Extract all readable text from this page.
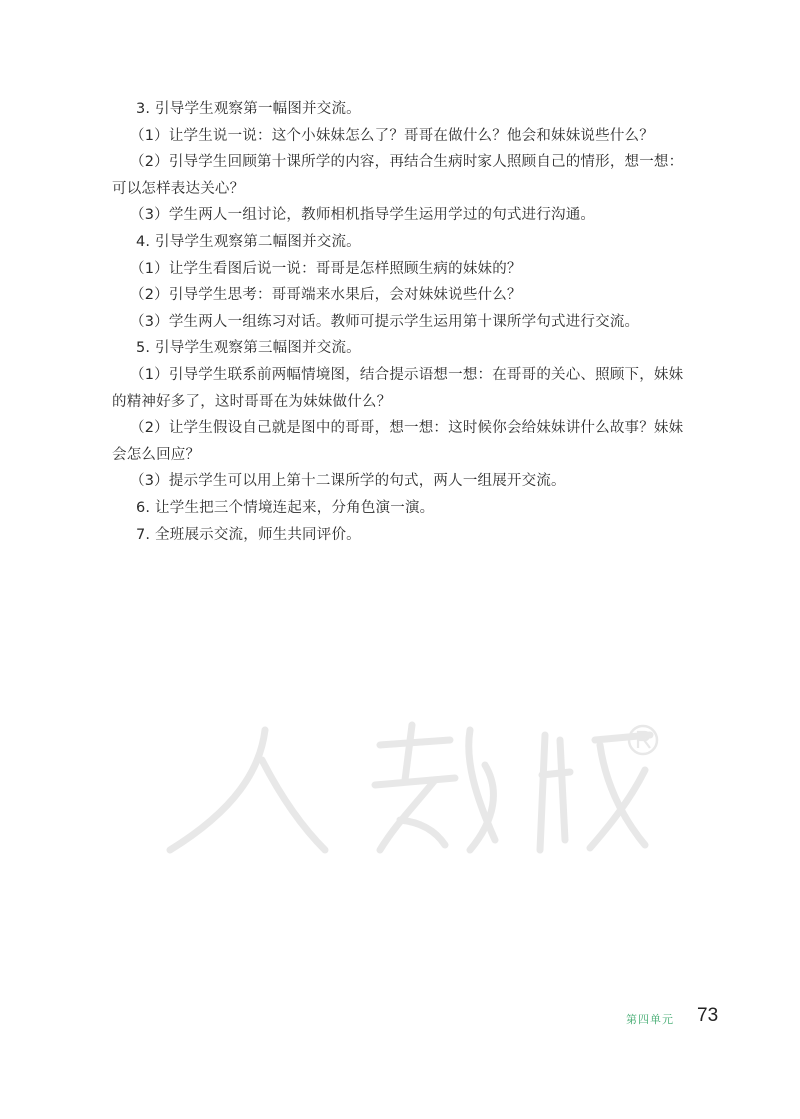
3. 引导学生观察第一幅图并交流。
（1）让学生说一说：这个小妹妹怎么了？哥哥在做什么？他会和妹妹说些什么？
（2）引导学生回顾第十课所学的内容，再结合生病时家人照顾自己的情形，想一想：
可以怎样表达关心？
（3）学生两人一组讨论，教师相机指导学生运用学过的句式进行沟通。
4. 引导学生观察第二幅图并交流。
（1）让学生看图后说一说：哥哥是怎样照顾生病的妹妹的？
（2）引导学生思考：哥哥端来水果后，会对妹妹说些什么？
（3）学生两人一组练习对话。教师可提示学生运用第十课所学句式进行交流。
5. 引导学生观察第三幅图并交流。
（1）引导学生联系前两幅情境图，结合提示语想一想：在哥哥的关心、照顾下，妹妹
的精神好多了，这时哥哥在为妹妹做什么？
（2）让学生假设自己就是图中的哥哥，想一想：这时候你会给妹妹讲什么故事？妹妹
会怎么回应？
（3）提示学生可以用上第十二课所学的句式，两人一组展开交流。
6. 让学生把三个情境连起来，分角色演一演。
7. 全班展示交流，师生共同评价。
第四单元 73
